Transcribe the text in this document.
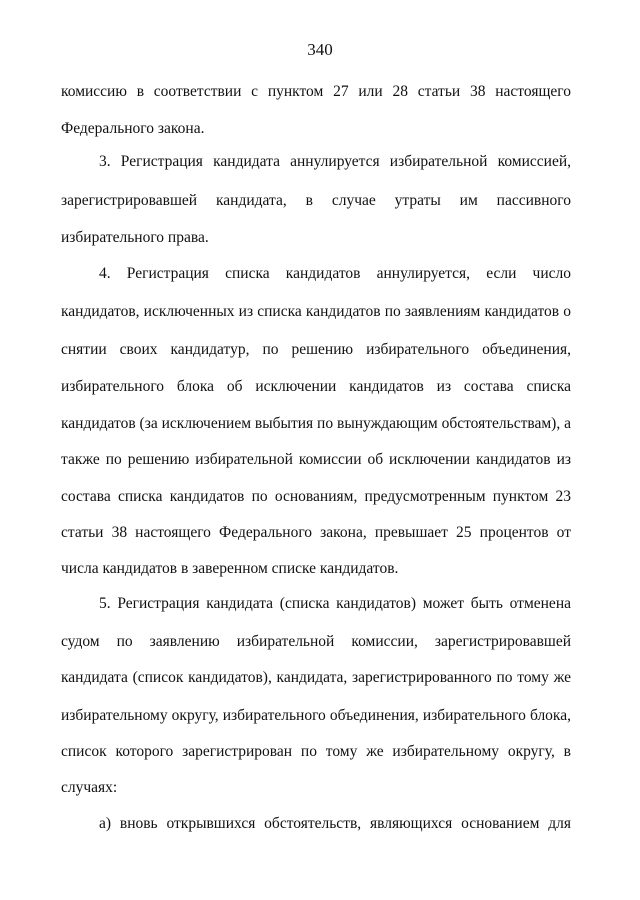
340
комиссию в соответствии с пунктом 27 или 28 статьи 38 настоящего
Федерального закона.
3. Регистрация кандидата аннулируется избирательной комиссией,
зарегистрировавшей кандидата, в случае утраты им пассивного
избирательного права.
4. Регистрация списка кандидатов аннулируется, если число
кандидатов, исключенных из списка кандидатов по заявлениям кандидатов о
снятии своих кандидатур, по решению избирательного объединения,
избирательного блока об исключении кандидатов из состава списка
кандидатов (за исключением выбытия по вынуждающим обстоятельствам), а
также по решению избирательной комиссии об исключении кандидатов из
состава списка кандидатов по основаниям, предусмотренным пунктом 23
статьи 38 настоящего Федерального закона, превышает 25 процентов от
числа кандидатов в заверенном списке кандидатов.
5. Регистрация кандидата (списка кандидатов) может быть отменена
судом по заявлению избирательной комиссии, зарегистрировавшей
кандидата (список кандидатов), кандидата, зарегистрированного по тому же
избирательному округу, избирательного объединения, избирательного блока,
список которого зарегистрирован по тому же избирательному округу, в
случаях:
а) вновь открывшихся обстоятельств, являющихся основанием для
